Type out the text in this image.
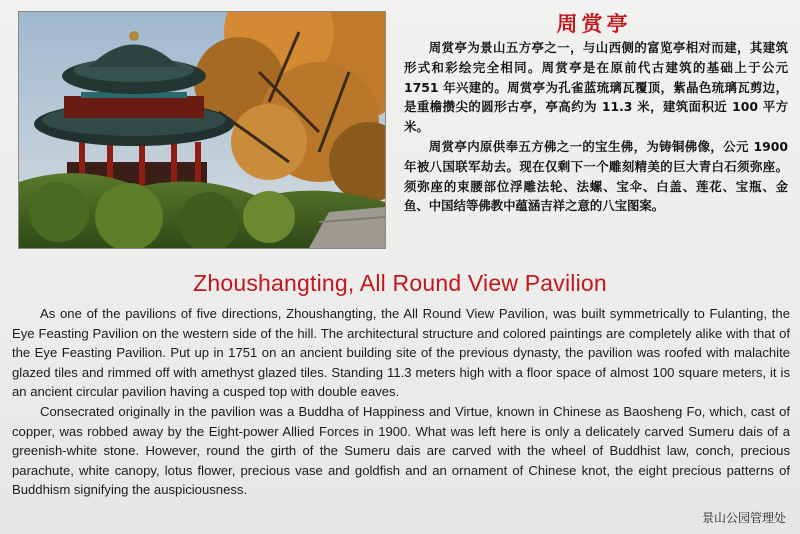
周赏亭

周赏亭为景山五方亭之一，与山西侧的富览亭相对而建，其建筑形式和彩绘完全相同。周赏亭是在原前代古建筑的基础上于公元 1751 年兴建的。周赏亭为孔雀蓝琉璃瓦覆顶，紫晶色琉璃瓦剪边，是重檐攒尖的圆形古亭，亭高约为 11.3 米，建筑面积近 100 平方米。

周赏亭内原供奉五方佛之一的宝生佛，为铸铜佛像，公元 1900 年被八国联军劫去。现在仅剩下一个雕刻精美的巨大青白石须弥座。须弥座的束腰部位浮雕法轮、法螺、宝伞、白盖、莲花、宝瓶、金鱼、中国结等佛教中蕴涵吉祥之意的八宝图案。

Zhoushangting, All Round View Pavilion

As one of the pavilions of five directions, Zhoushangting, the All Round View Pavilion, was built symmetrically to Fulanting, the Eye Feasting Pavilion on the western side of the hill. The architectural structure and colored paintings are completely alike with that of the Eye Feasting Pavilion. Put up in 1751 on an ancient building site of the previous dynasty, the pavilion was roofed with malachite glazed tiles and rimmed off with amethyst glazed tiles. Standing 11.3 meters high with a floor space of almost 100 square meters, it is an ancient circular pavilion having a cusped top with double eaves.

Consecrated originally in the pavilion was a Buddha of Happiness and Virtue, known in Chinese as Baosheng Fo, which, cast of copper, was robbed away by the Eight-power Allied Forces in 1900. What was left here is only a delicately carved Sumeru dais of a greenish-white stone. However, round the girth of the Sumeru dais are carved with the wheel of Buddhist law, conch, precious parachute, white canopy, lotus flower, precious vase and goldfish and an ornament of Chinese knot, the eight precious patterns of Buddhism signifying the auspiciousness.

景山公园管理处
